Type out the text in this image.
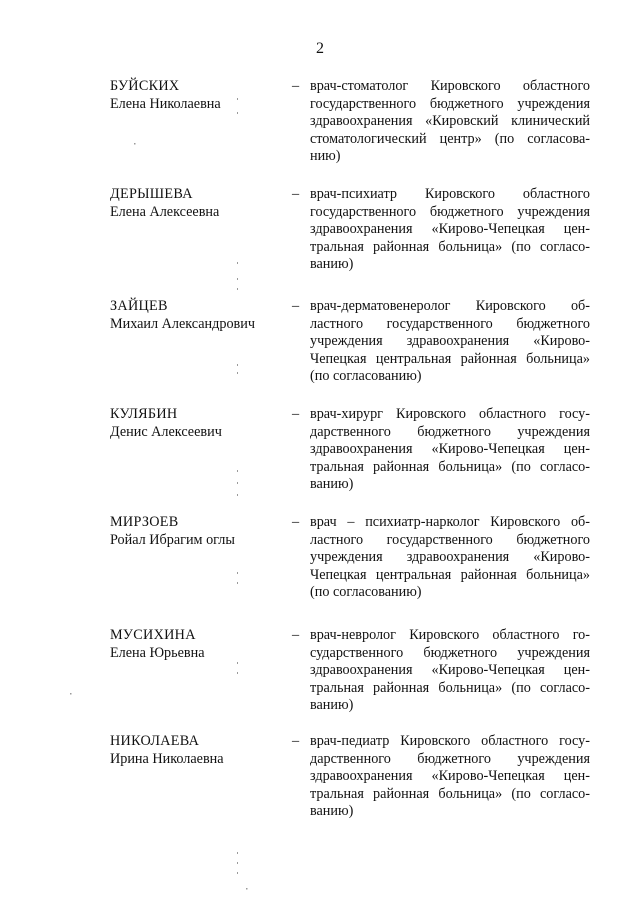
2
БУЙСКИХ
Елена Николаевна
– врач-стоматолог Кировского областного государственного бюджетного учреждения здравоохранения «Кировский клинический стоматологический центр» (по согласова-нию)
ДЕРЫШЕВА
Елена Алексеевна
– врач-психиатр Кировского областного государственного бюджетного учреждения здравоохранения «Кирово-Чепецкая цен-тральная районная больница» (по согласо-ванию)
ЗАЙЦЕВ
Михаил Александрович
– врач-дерматовенеролог Кировского об-ластного государственного бюджетного учреждения здравоохранения «Кирово-Чепецкая центральная районная больница» (по согласованию)
КУЛЯБИН
Денис Алексеевич
– врач-хирург Кировского областного госу-дарственного бюджетного учреждения здравоохранения «Кирово-Чепецкая цен-тральная районная больница» (по согласо-ванию)
МИРЗОЕВ
Ройал Ибрагим оглы
– врач – психиатр-нарколог Кировского об-ластного государственного бюджетного учреждения здравоохранения «Кирово-Чепецкая центральная районная больница» (по согласованию)
МУСИХИНА
Елена Юрьевна
– врач-невролог Кировского областного го-сударственного бюджетного учреждения здравоохранения «Кирово-Чепецкая цен-тральная районная больница» (по согласо-ванию)
НИКОЛАЕВА
Ирина Николаевна
– врач-педиатр Кировского областного госу-дарственного бюджетного учреждения здравоохранения «Кирово-Чепецкая цен-тральная районная больница» (по согласо-ванию)
